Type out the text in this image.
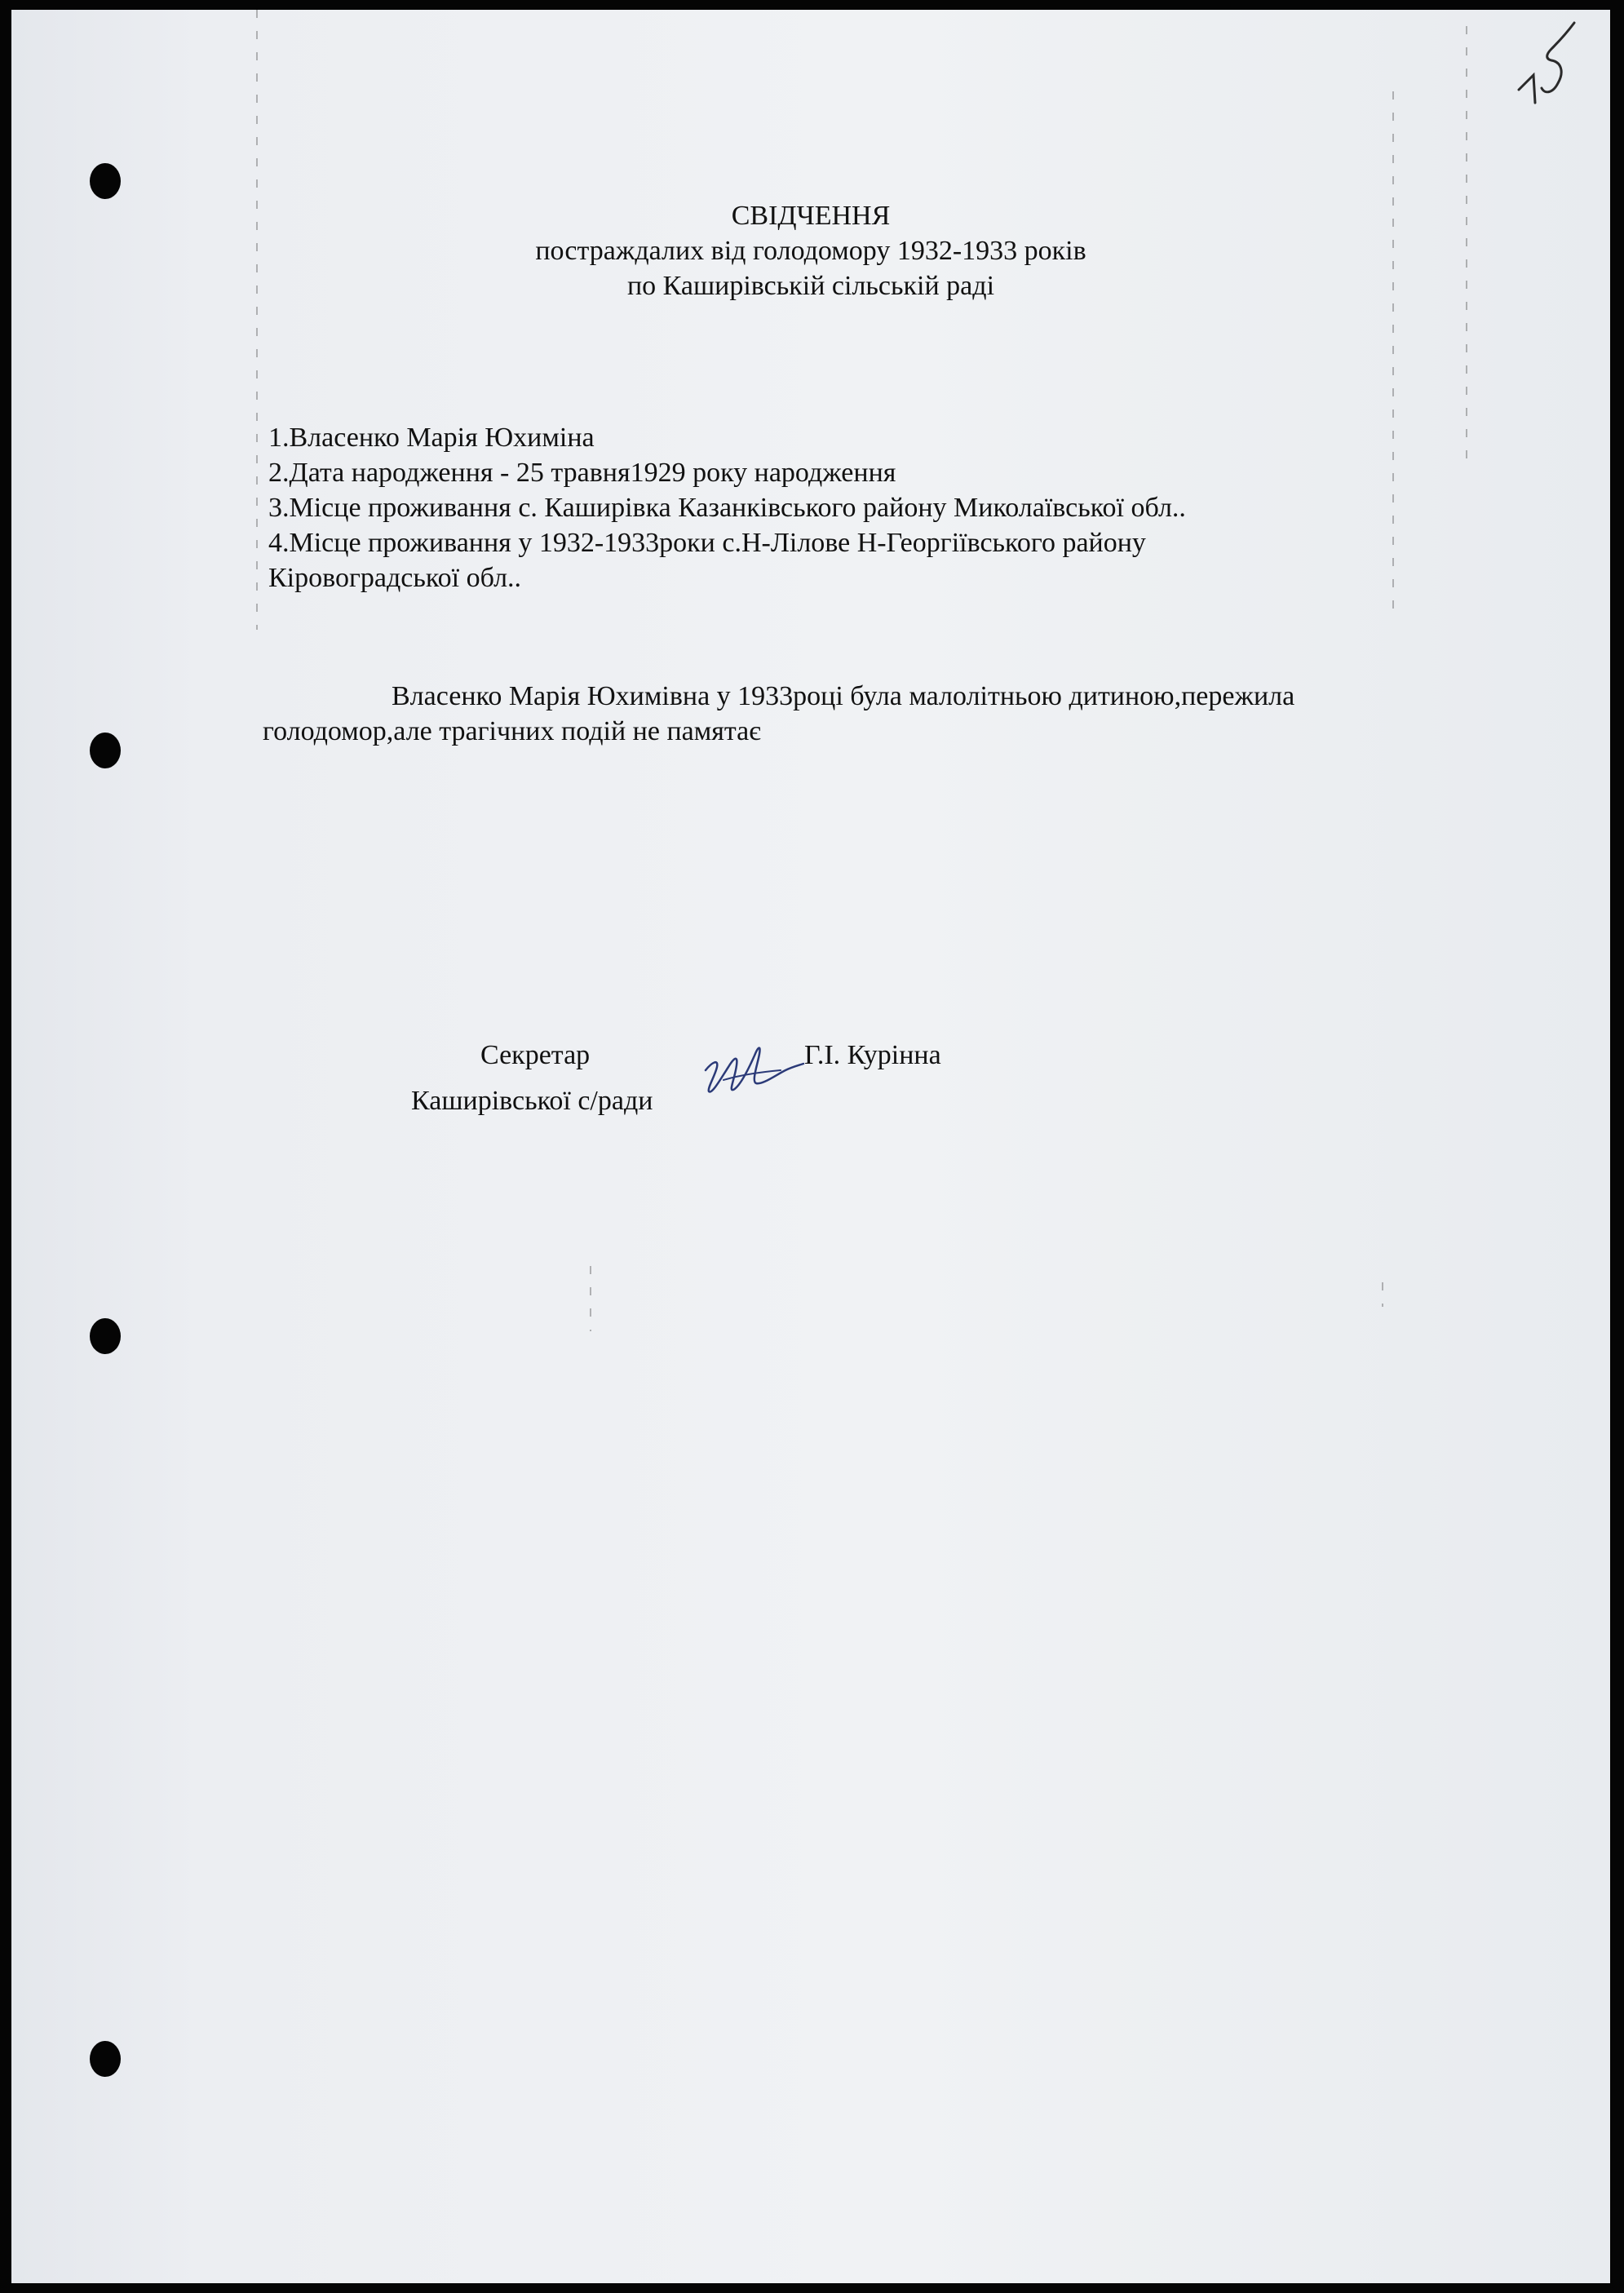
СВІДЧЕННЯ

постраждалих від голодомору 1932-1933 років

по Каширівській сільській раді

1.Власенко Марія Юхиміна
2.Дата народження - 25 травня1929 року народження
3.Місце проживання с. Каширівка Казанківського району Миколаївської обл..
4.Місце проживання у 1932-1933роки с.Н-Лілове Н-Георгіївського району
Кіровоградської обл..
Власенко Марія Юхимівна у 1933році була малолітньою дитиною,пережила
голодомор,але трагічних подій не памятає
Секретар
Каширівської с/ради
Г.І. Курінна
